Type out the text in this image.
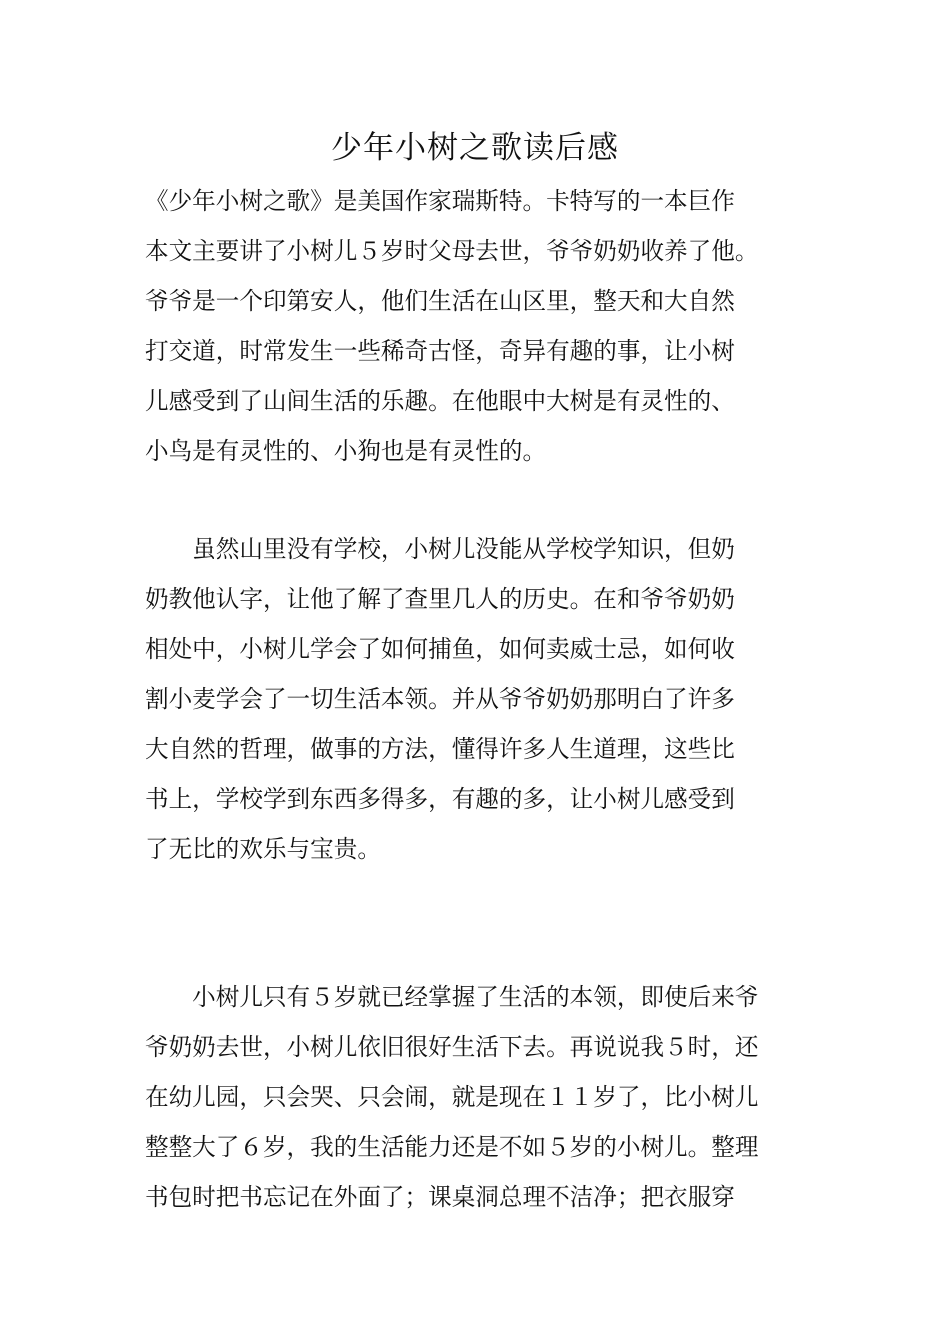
少年小树之歌读后感
《少年小树之歌》是美国作家瑞斯特。卡特写的一本巨作
本文主要讲了小树儿５岁时父母去世，爷爷奶奶收养了他。
爷爷是一个印第安人，他们生活在山区里，整天和大自然
打交道，时常发生一些稀奇古怪，奇异有趣的事，让小树
儿感受到了山间生活的乐趣。在他眼中大树是有灵性的、
小鸟是有灵性的、小狗也是有灵性的。
　　虽然山里没有学校，小树儿没能从学校学知识，但奶
奶教他认字，让他了解了查里几人的历史。在和爷爷奶奶
相处中，小树儿学会了如何捕鱼，如何卖威士忌，如何收
割小麦学会了一切生活本领。并从爷爷奶奶那明白了许多
大自然的哲理，做事的方法，懂得许多人生道理，这些比
书上，学校学到东西多得多，有趣的多，让小树儿感受到
了无比的欢乐与宝贵。
　　小树儿只有５岁就已经掌握了生活的本领，即使后来爷
爷奶奶去世，小树儿依旧很好生活下去。再说说我５时，还
在幼儿园，只会哭、只会闹，就是现在１１岁了，比小树儿
整整大了６岁，我的生活能力还是不如５岁的小树儿。整理
书包时把书忘记在外面了；课桌洞总理不洁净；把衣服穿
